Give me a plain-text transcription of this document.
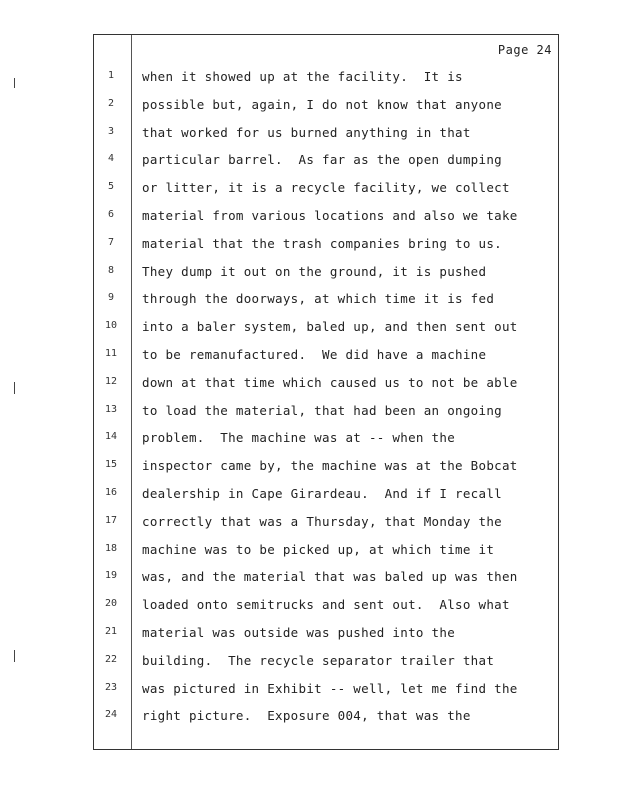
Page 24
1	when it showed up at the facility.  It is
2	possible but, again, I do not know that anyone
3	that worked for us burned anything in that
4	particular barrel.  As far as the open dumping
5	or litter, it is a recycle facility, we collect
6	material from various locations and also we take
7	material that the trash companies bring to us.
8	They dump it out on the ground, it is pushed
9	through the doorways, at which time it is fed
10	into a baler system, baled up, and then sent out
11	to be remanufactured.  We did have a machine
12	down at that time which caused us to not be able
13	to load the material, that had been an ongoing
14	problem.  The machine was at -- when the
15	inspector came by, the machine was at the Bobcat
16	dealership in Cape Girardeau.  And if I recall
17	correctly that was a Thursday, that Monday the
18	machine was to be picked up, at which time it
19	was, and the material that was baled up was then
20	loaded onto semitrucks and sent out.  Also what
21	material was outside was pushed into the
22	building.  The recycle separator trailer that
23	was pictured in Exhibit -- well, let me find the
24	right picture.  Exposure 004, that was the
